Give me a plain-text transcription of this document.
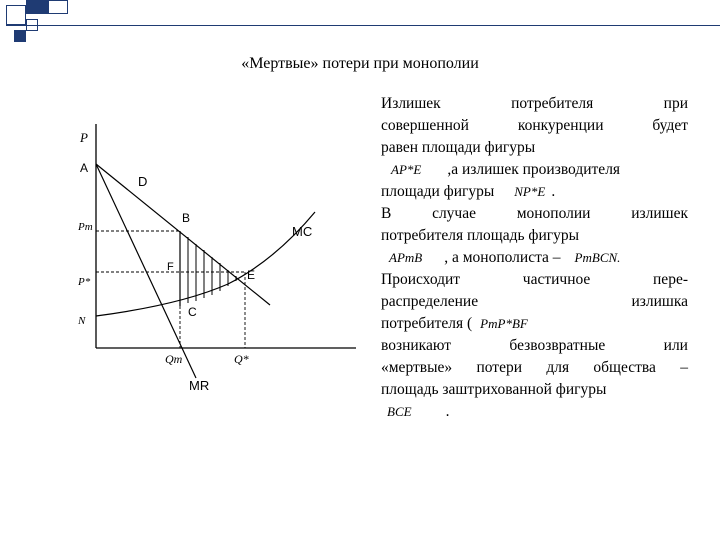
«Мертвые» потери при монополии
P
A
D
B
MC
Pm
F
P*	E
C
N
Qm	Q*
MR
Излишек	потребителя	при
совершенной	конкуренции	будет
равен площади фигуры
AP*E ,а излишек производителя
площади фигуры NP*E .
В	случае	монополии	излишек
потребителя площадь фигуры
APmB , а монополиста – PmBCN.
Происходит	частичное	пере-
распределение	излишка
потребителя ( PmP*BF
возникают	безвозвратные	или
«мертвые» потери для общества –
площадь заштрихованной фигуры
BCE .
